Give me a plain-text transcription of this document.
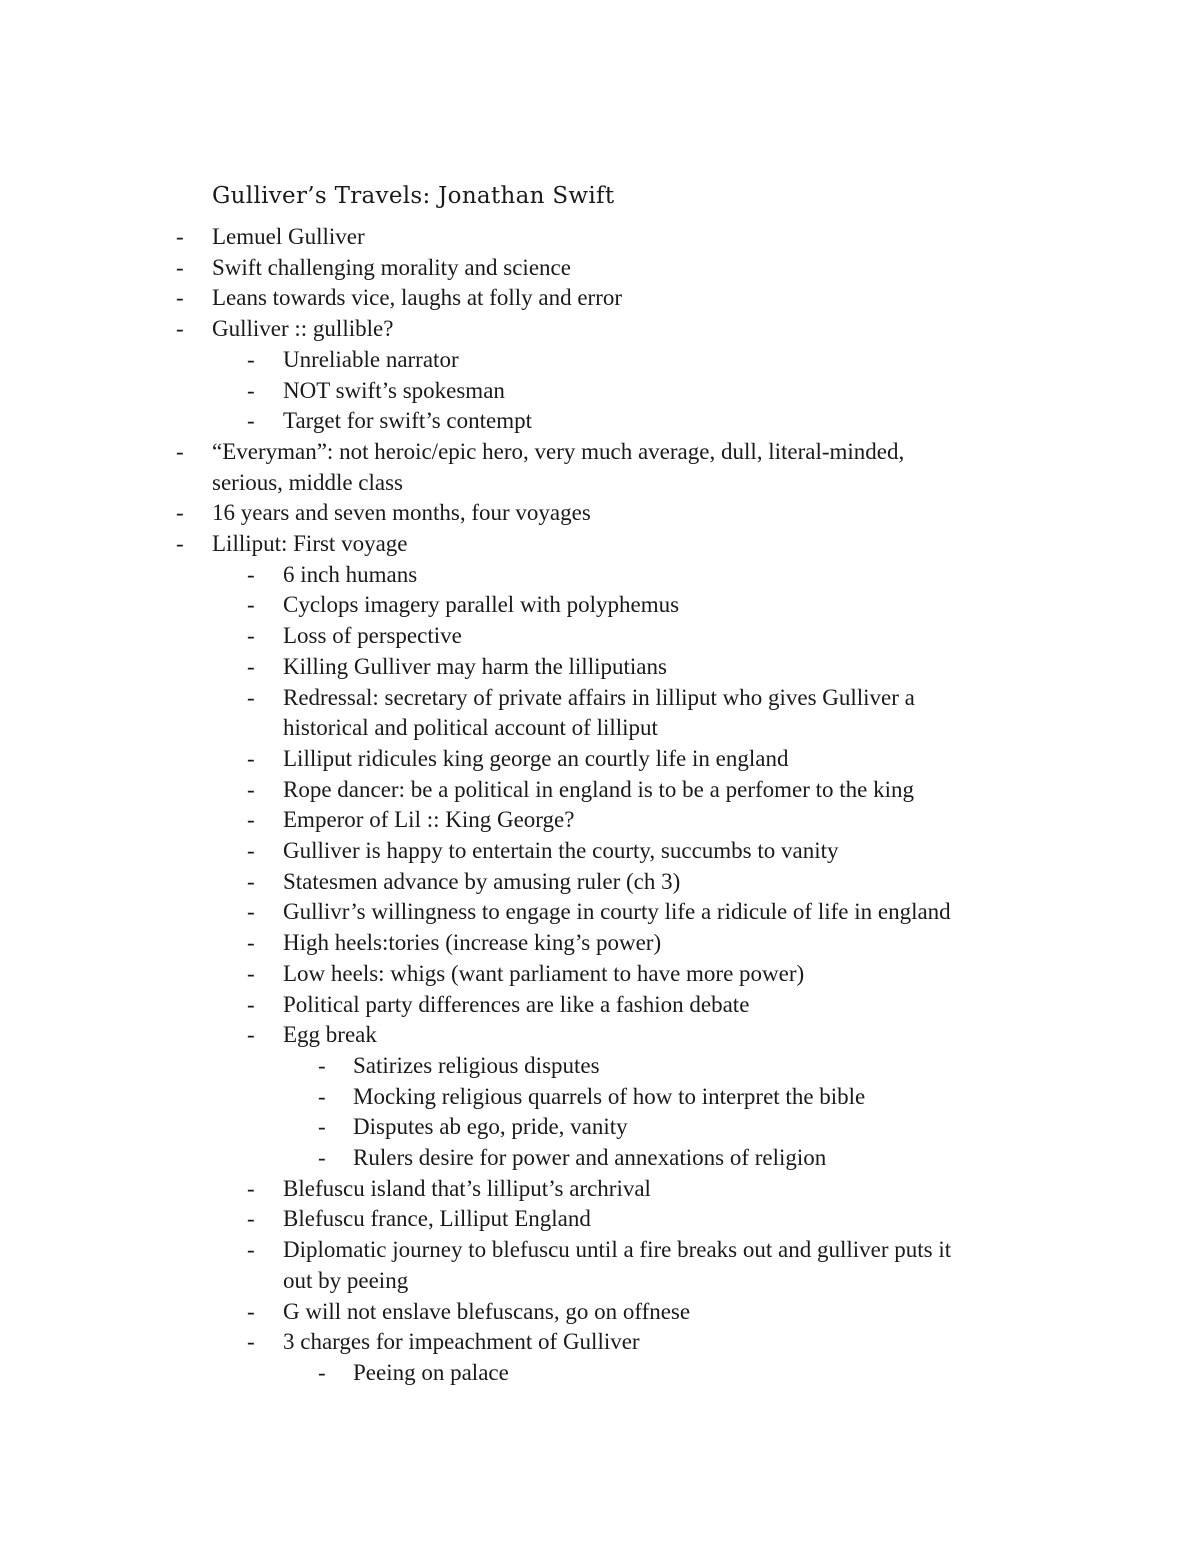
Gulliver’s Travels: Jonathan Swift
- Lemuel Gulliver
- Swift challenging morality and science
- Leans towards vice, laughs at folly and error
- Gulliver :: gullible?
- Unreliable narrator
- NOT swift’s spokesman
- Target for swift’s contempt
- “Everyman”: not heroic/epic hero, very much average, dull, literal-minded,
serious, middle class
- 16 years and seven months, four voyages
- Lilliput: First voyage
- 6 inch humans
- Cyclops imagery parallel with polyphemus
- Loss of perspective
- Killing Gulliver may harm the lilliputians
- Redressal: secretary of private affairs in lilliput who gives Gulliver a
historical and political account of lilliput
- Lilliput ridicules king george an courtly life in england
- Rope dancer: be a political in england is to be a perfomer to the king
- Emperor of Lil :: King George?
- Gulliver is happy to entertain the courty, succumbs to vanity
- Statesmen advance by amusing ruler (ch 3)
- Gullivr’s willingness to engage in courty life a ridicule of life in england
- High heels:tories (increase king’s power)
- Low heels: whigs (want parliament to have more power)
- Political party differences are like a fashion debate
- Egg break
- Satirizes religious disputes
- Mocking religious quarrels of how to interpret the bible
- Disputes ab ego, pride, vanity
- Rulers desire for power and annexations of religion
- Blefuscu island that’s lilliput’s archrival
- Blefuscu france, Lilliput England
- Diplomatic journey to blefuscu until a fire breaks out and gulliver puts it
out by peeing
- G will not enslave blefuscans, go on offnese
- 3 charges for impeachment of Gulliver
- Peeing on palace
